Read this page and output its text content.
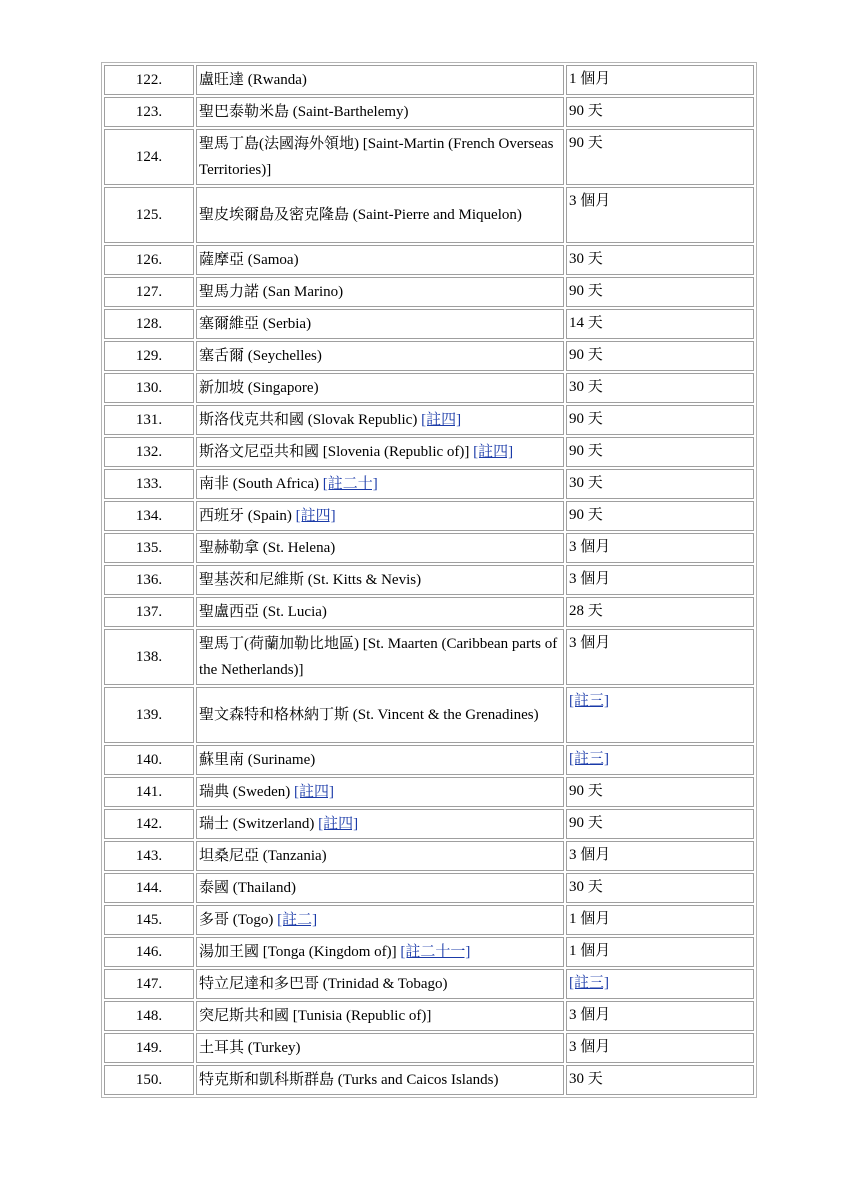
122.	盧旺達 (Rwanda)	1 個月
123.	聖巴泰勒米島 (Saint-Barthelemy)	90 天
124.	聖馬丁島(法國海外領地) [Saint-Martin (French Overseas Territories)]	90 天
125.	聖皮埃爾島及密克隆島 (Saint-Pierre and Miquelon)	3 個月
126.	薩摩亞 (Samoa)	30 天
127.	聖馬力諾 (San Marino)	90 天
128.	塞爾維亞 (Serbia)	14 天
129.	塞舌爾 (Seychelles)	90 天
130.	新加坡 (Singapore)	30 天
131.	斯洛伐克共和國 (Slovak Republic) [註四]	90 天
132.	斯洛文尼亞共和國 [Slovenia (Republic of)] [註四]	90 天
133.	南非 (South Africa) [註二十]	30 天
134.	西班牙 (Spain) [註四]	90 天
135.	聖赫勒拿 (St. Helena)	3 個月
136.	聖基茨和尼維斯 (St. Kitts & Nevis)	3 個月
137.	聖盧西亞 (St. Lucia)	28 天
138.	聖馬丁(荷蘭加勒比地區) [St. Maarten (Caribbean parts of the Netherlands)]	3 個月
139.	聖文森特和格林納丁斯 (St. Vincent & the Grenadines)	[註三]
140.	蘇里南 (Suriname)	[註三]
141.	瑞典 (Sweden) [註四]	90 天
142.	瑞士 (Switzerland) [註四]	90 天
143.	坦桑尼亞 (Tanzania)	3 個月
144.	泰國 (Thailand)	30 天
145.	多哥 (Togo) [註二]	1 個月
146.	湯加王國 [Tonga (Kingdom of)] [註二十一]	1 個月
147.	特立尼達和多巴哥 (Trinidad & Tobago)	[註三]
148.	突尼斯共和國 [Tunisia (Republic of)]	3 個月
149.	土耳其 (Turkey)	3 個月
150.	特克斯和凱科斯群島 (Turks and Caicos Islands)	30 天
